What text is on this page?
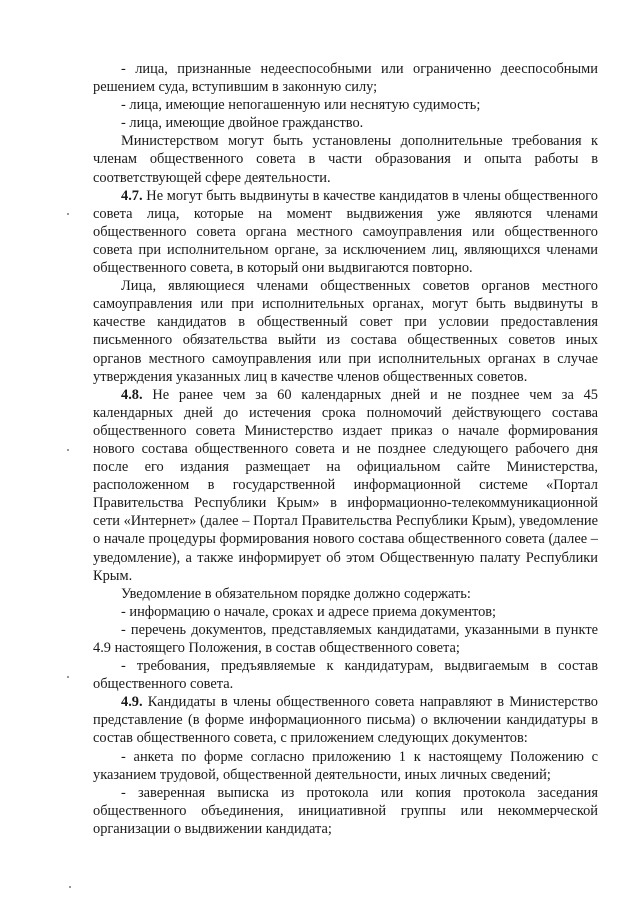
- лица, признанные недееспособными или ограниченно дееспособными решением суда, вступившим в законную силу;

- лица, имеющие непогашенную или неснятую судимость;

- лица, имеющие двойное гражданство.

Министерством могут быть установлены дополнительные требования к членам общественного совета в части образования и опыта работы в соответствующей сфере деятельности.

4.7. Не могут быть выдвинуты в качестве кандидатов в члены общественного совета лица, которые на момент выдвижения уже являются членами общественного совета органа местного самоуправления или общественного совета при исполнительном органе, за исключением лиц, являющихся членами общественного совета, в который они выдвигаются повторно.

Лица, являющиеся членами общественных советов органов местного самоуправления или при исполнительных органах, могут быть выдвинуты в качестве кандидатов в общественный совет при условии предоставления письменного обязательства выйти из состава общественных советов иных органов местного самоуправления или при исполнительных органах в случае утверждения указанных лиц в качестве членов общественных советов.

4.8. Не ранее чем за 60 календарных дней и не позднее чем за 45 календарных дней до истечения срока полномочий действующего состава общественного совета Министерство издает приказ о начале формирования нового состава общественного совета и не позднее следующего рабочего дня после его издания размещает на официальном сайте Министерства, расположенном в государственной информационной системе «Портал Правительства Республики Крым» в информационно-телекоммуникационной сети «Интернет» (далее – Портал Правительства Республики Крым), уведомление о начале процедуры формирования нового состава общественного совета (далее – уведомление), а также информирует об этом Общественную палату Республики Крым.

Уведомление в обязательном порядке должно содержать:

- информацию о начале, сроках и адресе приема документов;

- перечень документов, представляемых кандидатами, указанными в пункте 4.9 настоящего Положения, в состав общественного совета;

- требования, предъявляемые к кандидатурам, выдвигаемым в состав общественного совета.

4.9. Кандидаты в члены общественного совета направляют в Министерство представление (в форме информационного письма) о включении кандидатуры в состав общественного совета, с приложением следующих документов:

- анкета по форме согласно приложению 1 к настоящему Положению с указанием трудовой, общественной деятельности, иных личных сведений;

- заверенная выписка из протокола или копия протокола заседания общественного объединения, инициативной группы или некоммерческой организации о выдвижении кандидата;
